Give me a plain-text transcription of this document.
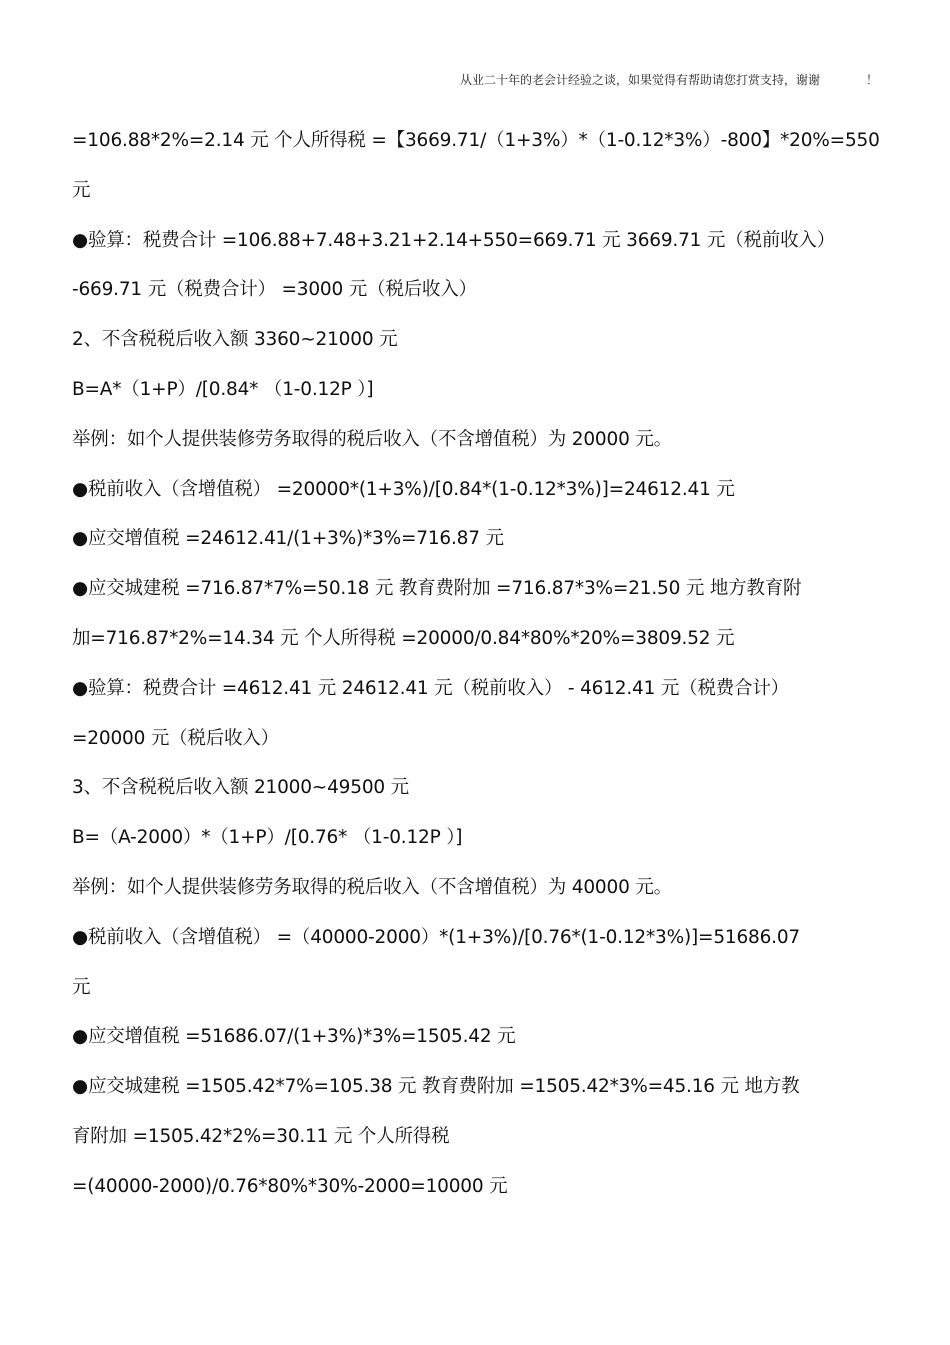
从业二十年的老会计经验之谈，如果觉得有帮助请您打赏支持，谢谢	！
=106.88*2%=2.14 元 个人所得税 =【3669.71/（1+3%）*（1-0.12*3%）-800】*20%=550
元
●验算：税费合计 =106.88+7.48+3.21+2.14+550=669.71 元 3669.71 元（税前收入）
-669.71 元（税费合计） =3000 元（税后收入）
2、不含税税后收入额 3360~21000 元
B=A*（1+P）/[0.84* （1-0.12P ）]
举例：如个人提供装修劳务取得的税后收入（不含增值税）为 20000 元。
●税前收入（含增值税） =20000*(1+3%)/[0.84*(1-0.12*3%)]=24612.41 元
●应交增值税 =24612.41/(1+3%)*3%=716.87 元
●应交城建税 =716.87*7%=50.18 元 教育费附加 =716.87*3%=21.50 元 地方教育附
加=716.87*2%=14.34 元 个人所得税 =20000/0.84*80%*20%=3809.52 元
●验算：税费合计 =4612.41 元 24612.41 元（税前收入） - 4612.41 元（税费合计）
=20000 元（税后收入）
3、不含税税后收入额 21000~49500 元
B=（A-2000）*（1+P）/[0.76* （1-0.12P ）]
举例：如个人提供装修劳务取得的税后收入（不含增值税）为 40000 元。
●税前收入（含增值税） =（40000-2000）*(1+3%)/[0.76*(1-0.12*3%)]=51686.07
元
●应交增值税 =51686.07/(1+3%)*3%=1505.42 元
●应交城建税 =1505.42*7%=105.38 元 教育费附加 =1505.42*3%=45.16 元 地方教
育附加 =1505.42*2%=30.11 元 个人所得税
=(40000-2000)/0.76*80%*30%-2000=10000 元
